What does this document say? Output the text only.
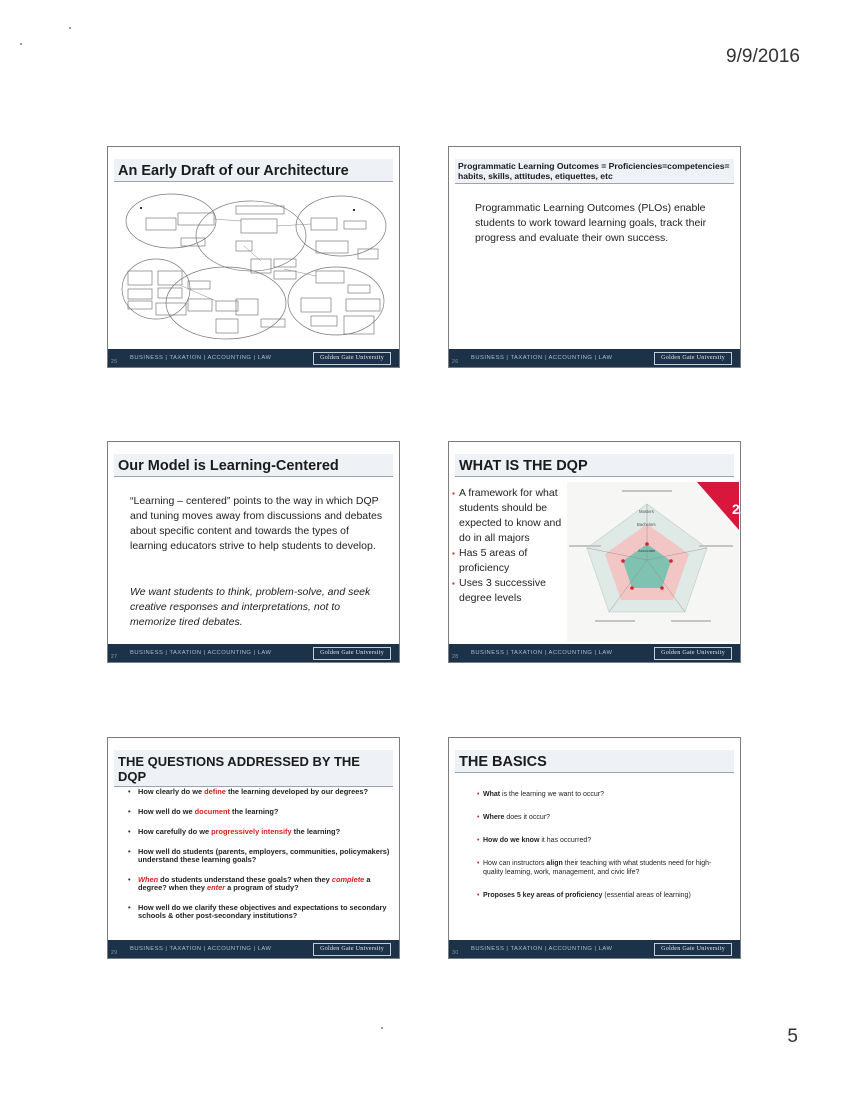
9/9/2016
An Early Draft of our Architecture
25
BUSINESS | TAXATION | ACCOUNTING | LAW	Golden Gate University
Programmatic Learning Outcomes = Proficiencies=competencies= habits, skills, attitudes, etiquettes, etc
Programmatic Learning Outcomes (PLOs) enable students to work toward learning goals, track their progress and evaluate their own success.
26
BUSINESS | TAXATION | ACCOUNTING | LAW	Golden Gate University
Our Model is Learning-Centered
“Learning – centered” points to the way in which DQP and tuning moves away from discussions and debates about specific content and towards the types of learning educators strive to help students to develop.
We want students to think, problem-solve, and seek creative responses and interpretations, not to memorize tired debates.
27
BUSINESS | TAXATION | ACCOUNTING | LAW	Golden Gate University
WHAT IS THE DQP
▪ A framework for what students should be expected to know and do in all majors
▪ Has 5 areas of proficiency
▪ Uses 3 successive degree levels
2.0
Masters
Bachelors
Associate
28
BUSINESS | TAXATION | ACCOUNTING | LAW	Golden Gate University
THE QUESTIONS ADDRESSED BY THE DQP
• How clearly do we define the learning developed by our degrees?
• How well do we document the learning?
• How carefully do we progressively intensify the learning?
• How well do students (parents, employers, communities, policymakers) understand these learning goals?
• When do students understand these goals? when they complete a degree? when they enter a program of study?
• How well do we clarify these objectives and expectations to secondary schools & other post-secondary institutions?
29
BUSINESS | TAXATION | ACCOUNTING | LAW	Golden Gate University
THE BASICS
• What is the learning we want to occur?
• Where does it occur?
• How do we know it has occurred?
• How can instructors align their teaching with what students need for high-quality learning, work, management, and civic life?
• Proposes 5 key areas of proficiency (essential areas of learning)
30
BUSINESS | TAXATION | ACCOUNTING | LAW	Golden Gate University
5
